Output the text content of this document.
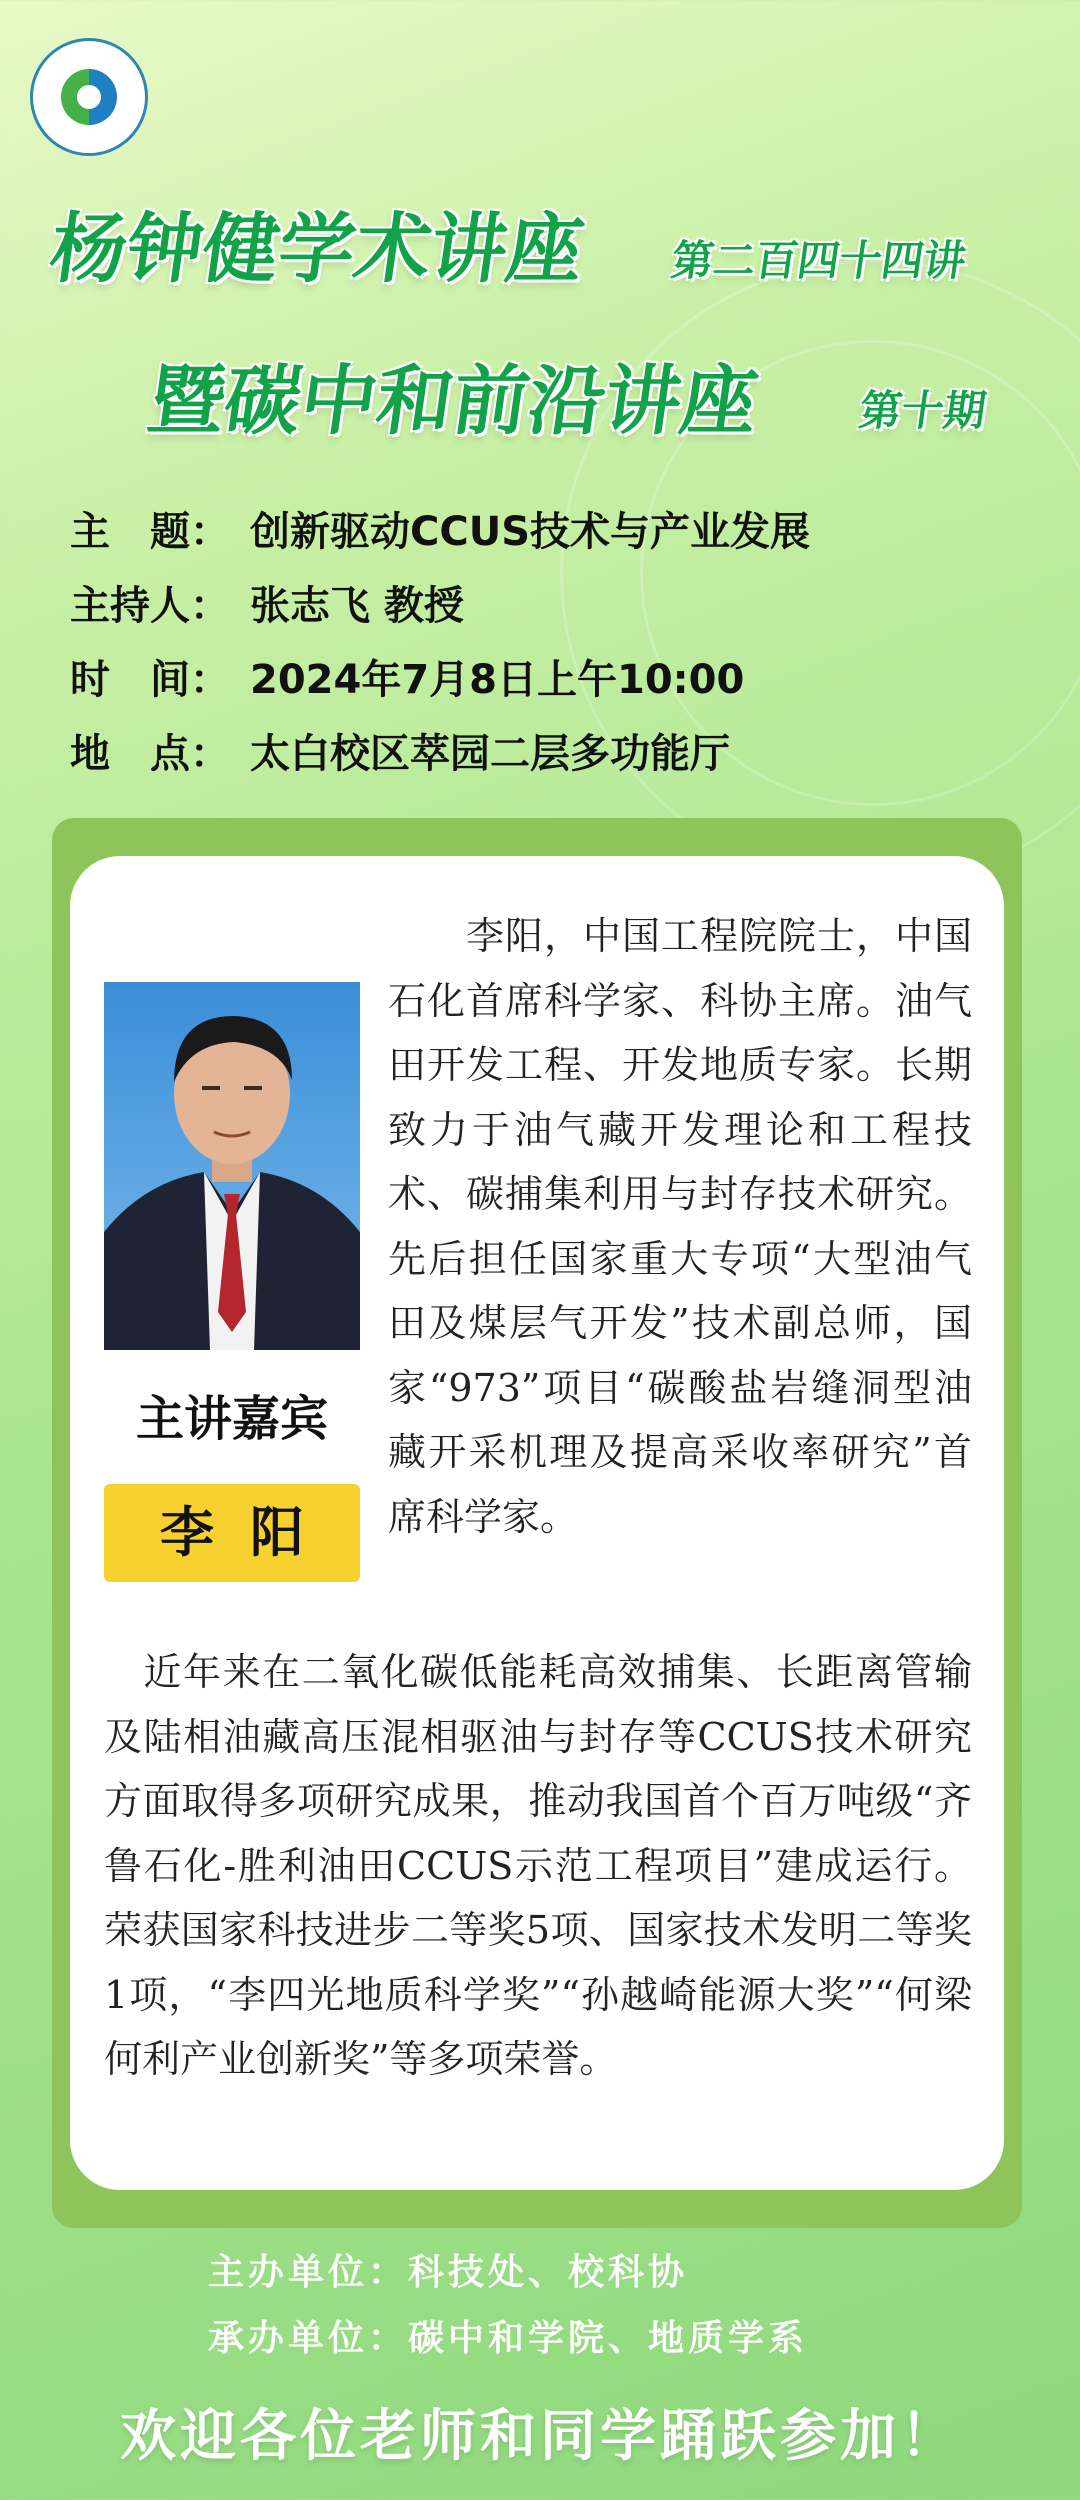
杨钟健学术讲座 第二百四十四讲
暨碳中和前沿讲座 第十期
主　题： 创新驱动CCUS技术与产业发展
主持人： 张志飞 教授
时　间： 2024年7月8日上午10:00
地　点： 太白校区萃园二层多功能厅
主讲嘉宾
李阳
　　李阳，中国工程院院士，中国石化首席科学家、科协主席。油气田开发工程、开发地质专家。长期致力于油气藏开发理论和工程技术、碳捕集利用与封存技术研究。先后担任国家重大专项“大型油气田及煤层气开发”技术副总师，国家“973”项目“碳酸盐岩缝洞型油藏开采机理及提高采收率研究”首席科学家。
　近年来在二氧化碳低能耗高效捕集、长距离管输及陆相油藏高压混相驱油与封存等CCUS技术研究方面取得多项研究成果，推动我国首个百万吨级“齐鲁石化-胜利油田CCUS示范工程项目”建成运行。荣获国家科技进步二等奖5项、国家技术发明二等奖1项，“李四光地质科学奖”“孙越崎能源大奖”“何梁何利产业创新奖”等多项荣誉。
主办单位：科技处、校科协
承办单位：碳中和学院、地质学系
欢迎各位老师和同学踊跃参加！
